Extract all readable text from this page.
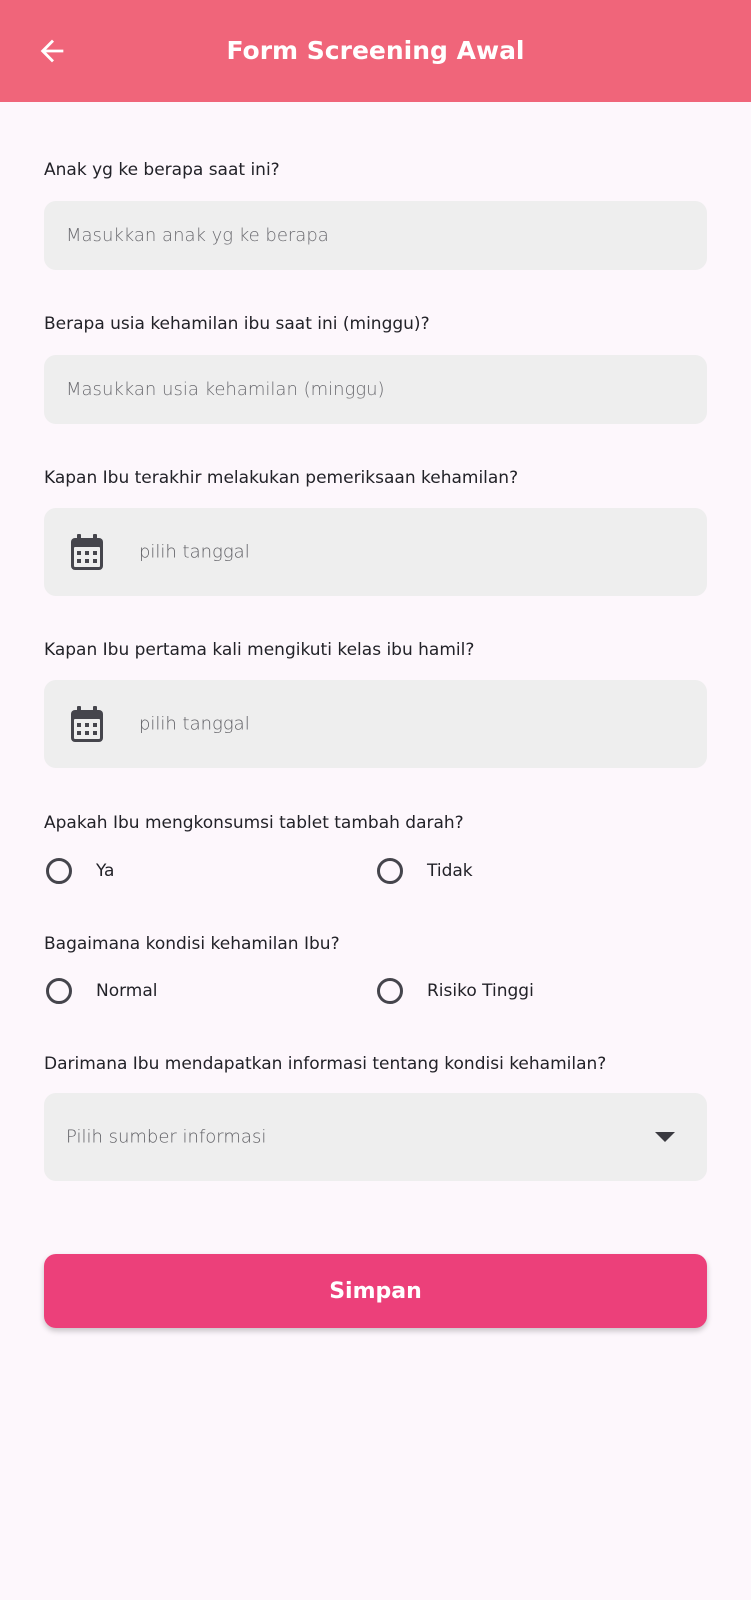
Form Screening Awal
Anak yg ke berapa saat ini?
Masukkan anak yg ke berapa
Berapa usia kehamilan ibu saat ini (minggu)?
Masukkan usia kehamilan (minggu)
Kapan Ibu terakhir melakukan pemeriksaan kehamilan?
pilih tanggal
Kapan Ibu pertama kali mengikuti kelas ibu hamil?
pilih tanggal
Apakah Ibu mengkonsumsi tablet tambah darah?
Ya	Tidak
Bagaimana kondisi kehamilan Ibu?
Normal	Risiko Tinggi
Darimana Ibu mendapatkan informasi tentang kondisi kehamilan?
Pilih sumber informasi
Simpan
